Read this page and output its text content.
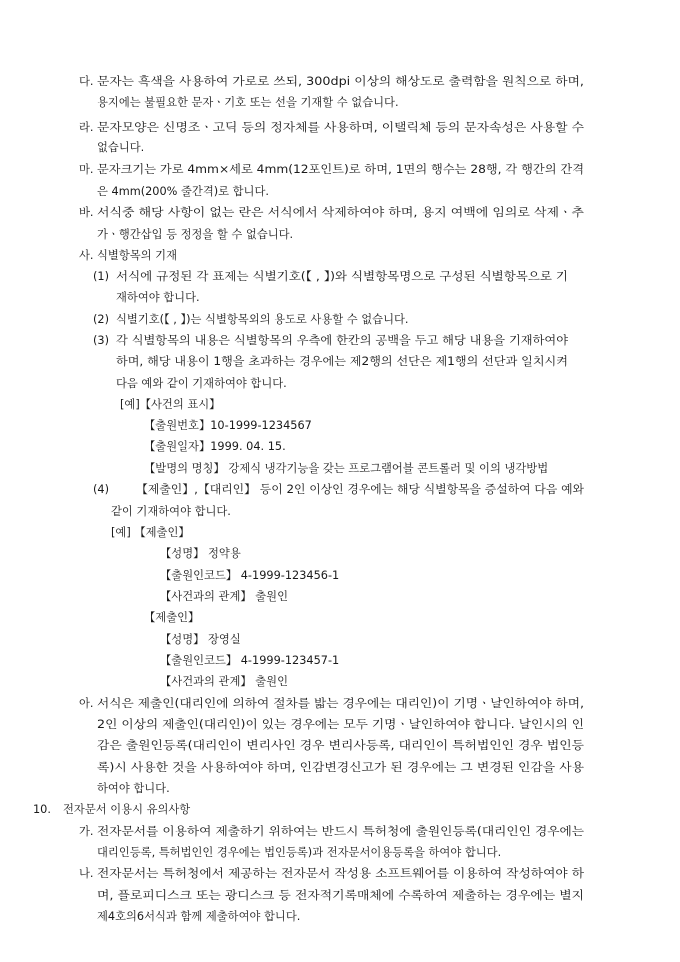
다. 문자는 흑색을 사용하여 가로로 쓰되, 300dpi 이상의 해상도로 출력함을 원칙으로 하며,
용지에는 불필요한 문자ㆍ기호 또는 선을 기재할 수 없습니다.
라. 문자모양은 신명조ㆍ고딕 등의 정자체를 사용하며, 이탤릭체 등의 문자속성은 사용할 수
없습니다.
마. 문자크기는 가로 4mm×세로 4mm(12포인트)로 하며, 1면의 행수는 28행, 각 행간의 간격
은 4mm(200% 줄간격)로 합니다.
바. 서식중 해당 사항이 없는 란은 서식에서 삭제하여야 하며, 용지 여백에 임의로 삭제ㆍ추
가ㆍ행간삽입 등 정정을 할 수 없습니다.
사. 식별항목의 기재
(1) 서식에 규정된 각 표제는 식별기호(【 , 】)와 식별항목명으로 구성된 식별항목으로 기
재하여야 합니다.
(2) 식별기호(【 , 】)는 식별항목외의 용도로 사용할 수 없습니다.
(3) 각 식별항목의 내용은 식별항목의 우측에 한칸의 공백을 두고 해당 내용을 기재하여야
하며, 해당 내용이 1행을 초과하는 경우에는 제2행의 선단은 제1행의 선단과 일치시켜
다음 예와 같이 기재하여야 합니다.
[예]【사건의 표시】
【출원번호】10-1999-1234567
【출원일자】1999. 04. 15.
【발명의 명칭】 강제식 냉각기능을 갖는 프로그램어블 콘트롤러 및 이의 냉각방법
(4) 【제출인】,【대리인】 등이 2인 이상인 경우에는 해당 식별항목을 증설하여 다음 예와
같이 기재하여야 합니다.
[예] 【제출인】
【성명】 정약용
【출원인코드】 4-1999-123456-1
【사건과의 관계】 출원인
【제출인】
【성명】 장영실
【출원인코드】 4-1999-123457-1
【사건과의 관계】 출원인
아. 서식은 제출인(대리인에 의하여 절차를 밟는 경우에는 대리인)이 기명ㆍ날인하여야 하며,
2인 이상의 제출인(대리인)이 있는 경우에는 모두 기명ㆍ날인하여야 합니다. 날인시의 인
감은 출원인등록(대리인이 변리사인 경우 변리사등록, 대리인이 특허법인인 경우 법인등
록)시 사용한 것을 사용하여야 하며, 인감변경신고가 된 경우에는 그 변경된 인감을 사용
하여야 합니다.
10. 전자문서 이용시 유의사항
가. 전자문서를 이용하여 제출하기 위하여는 반드시 특허청에 출원인등록(대리인인 경우에는
대리인등록, 특허법인인 경우에는 법인등록)과 전자문서이용등록을 하여야 합니다.
나. 전자문서는 특허청에서 제공하는 전자문서 작성용 소프트웨어를 이용하여 작성하여야 하
며, 플로피디스크 또는 광디스크 등 전자적기록매체에 수록하여 제출하는 경우에는 별지
제4호의6서식과 함께 제출하여야 합니다.
